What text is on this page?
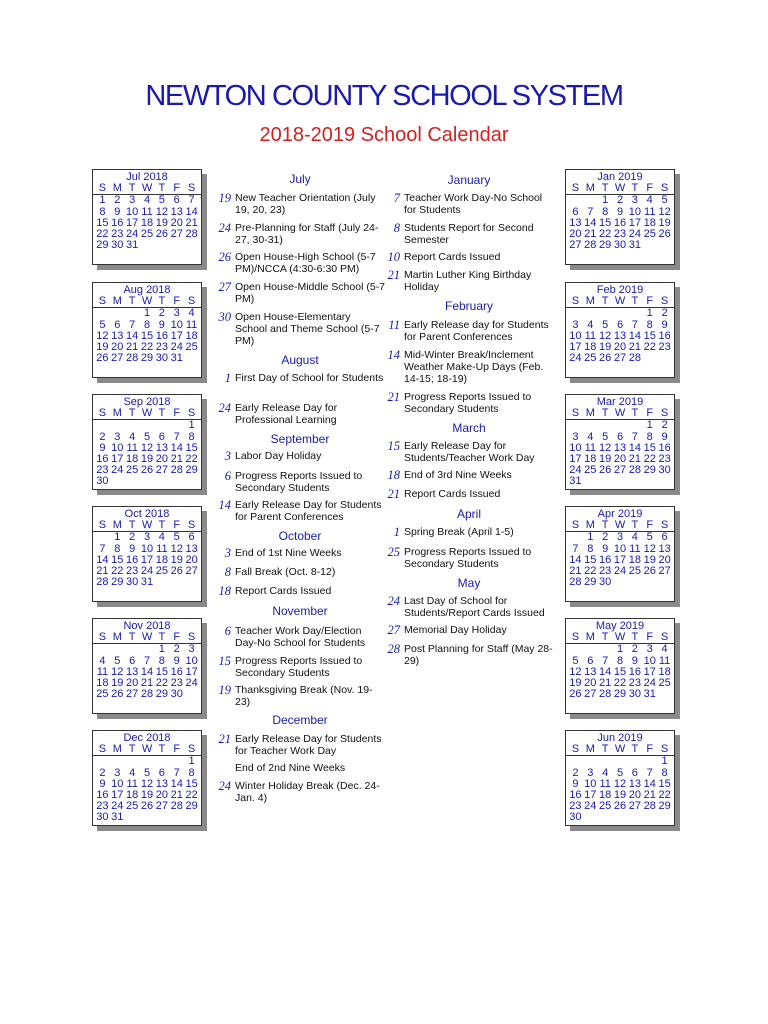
NEWTON COUNTY SCHOOL SYSTEM
2018-2019 School Calendar
Jul 2018
S M T W T F S
1 2 3 4 5 6 7
8 9 10 11 12 13 14
15 16 17 18 19 20 21
22 23 24 25 26 27 28
29 30 31
Aug 2018
S M T W T F S
1 2 3 4
5 6 7 8 9 10 11
12 13 14 15 16 17 18
19 20 21 22 23 24 25
26 27 28 29 30 31
Sep 2018
S M T W T F S
1
2 3 4 5 6 7 8
9 10 11 12 13 14 15
16 17 18 19 20 21 22
23 24 25 26 27 28 29
30
Oct 2018
S M T W T F S
1 2 3 4 5 6
7 8 9 10 11 12 13
14 15 16 17 18 19 20
21 22 23 24 25 26 27
28 29 30 31
Nov 2018
S M T W T F S
1 2 3
4 5 6 7 8 9 10
11 12 13 14 15 16 17
18 19 20 21 22 23 24
25 26 27 28 29 30
Dec 2018
S M T W T F S
1
2 3 4 5 6 7 8
9 10 11 12 13 14 15
16 17 18 19 20 21 22
23 24 25 26 27 28 29
30 31
Jan 2019
S M T W T F S
1 2 3 4 5
6 7 8 9 10 11 12
13 14 15 16 17 18 19
20 21 22 23 24 25 26
27 28 29 30 31
Feb 2019
S M T W T F S
1 2
3 4 5 6 7 8 9
10 11 12 13 14 15 16
17 18 19 20 21 22 23
24 25 26 27 28
Mar 2019
S M T W T F S
1 2
3 4 5 6 7 8 9
10 11 12 13 14 15 16
17 18 19 20 21 22 23
24 25 26 27 28 29 30
31
Apr 2019
S M T W T F S
1 2 3 4 5 6
7 8 9 10 11 12 13
14 15 16 17 18 19 20
21 22 23 24 25 26 27
28 29 30
May 2019
S M T W T F S
1 2 3 4
5 6 7 8 9 10 11
12 13 14 15 16 17 18
19 20 21 22 23 24 25
26 27 28 29 30 31
Jun 2019
S M T W T F S
1
2 3 4 5 6 7 8
9 10 11 12 13 14 15
16 17 18 19 20 21 22
23 24 25 26 27 28 29
30
July
19 New Teacher Orientation (July 19, 20, 23)
24 Pre-Planning for Staff (July 24-27, 30-31)
26 Open House-High School (5-7 PM)/NCCA (4:30-6:30 PM)
27 Open House-Middle School (5-7 PM)
30 Open House-Elementary School and Theme School (5-7 PM)
August
1 First Day of School for Students
24 Early Release Day for Professional Learning
September
3 Labor Day Holiday
6 Progress Reports Issued to Secondary Students
14 Early Release Day for Students for Parent Conferences
October
3 End of 1st Nine Weeks
8 Fall Break (Oct. 8-12)
18 Report Cards Issued
November
6 Teacher Work Day/Election Day-No School for Students
15 Progress Reports Issued to Secondary Students
19 Thanksgiving Break (Nov. 19-23)
December
21 Early Release Day for Students for Teacher Work Day
End of 2nd Nine Weeks
24 Winter Holiday Break (Dec. 24-Jan. 4)
January
7 Teacher Work Day-No School for Students
8 Students Report for Second Semester
10 Report Cards Issued
21 Martin Luther King Birthday Holiday
February
11 Early Release day for Students for Parent Conferences
14 Mid-Winter Break/Inclement Weather Make-Up Days (Feb. 14-15; 18-19)
21 Progress Reports Issued to Secondary Students
March
15 Early Release Day for Students/Teacher Work Day
18 End of 3rd Nine Weeks
21 Report Cards Issued
April
1 Spring Break (April 1-5)
25 Progress Reports Issued to Secondary Students
May
24 Last Day of School for Students/Report Cards Issued
27 Memorial Day Holiday
28 Post Planning for Staff (May 28-29)
